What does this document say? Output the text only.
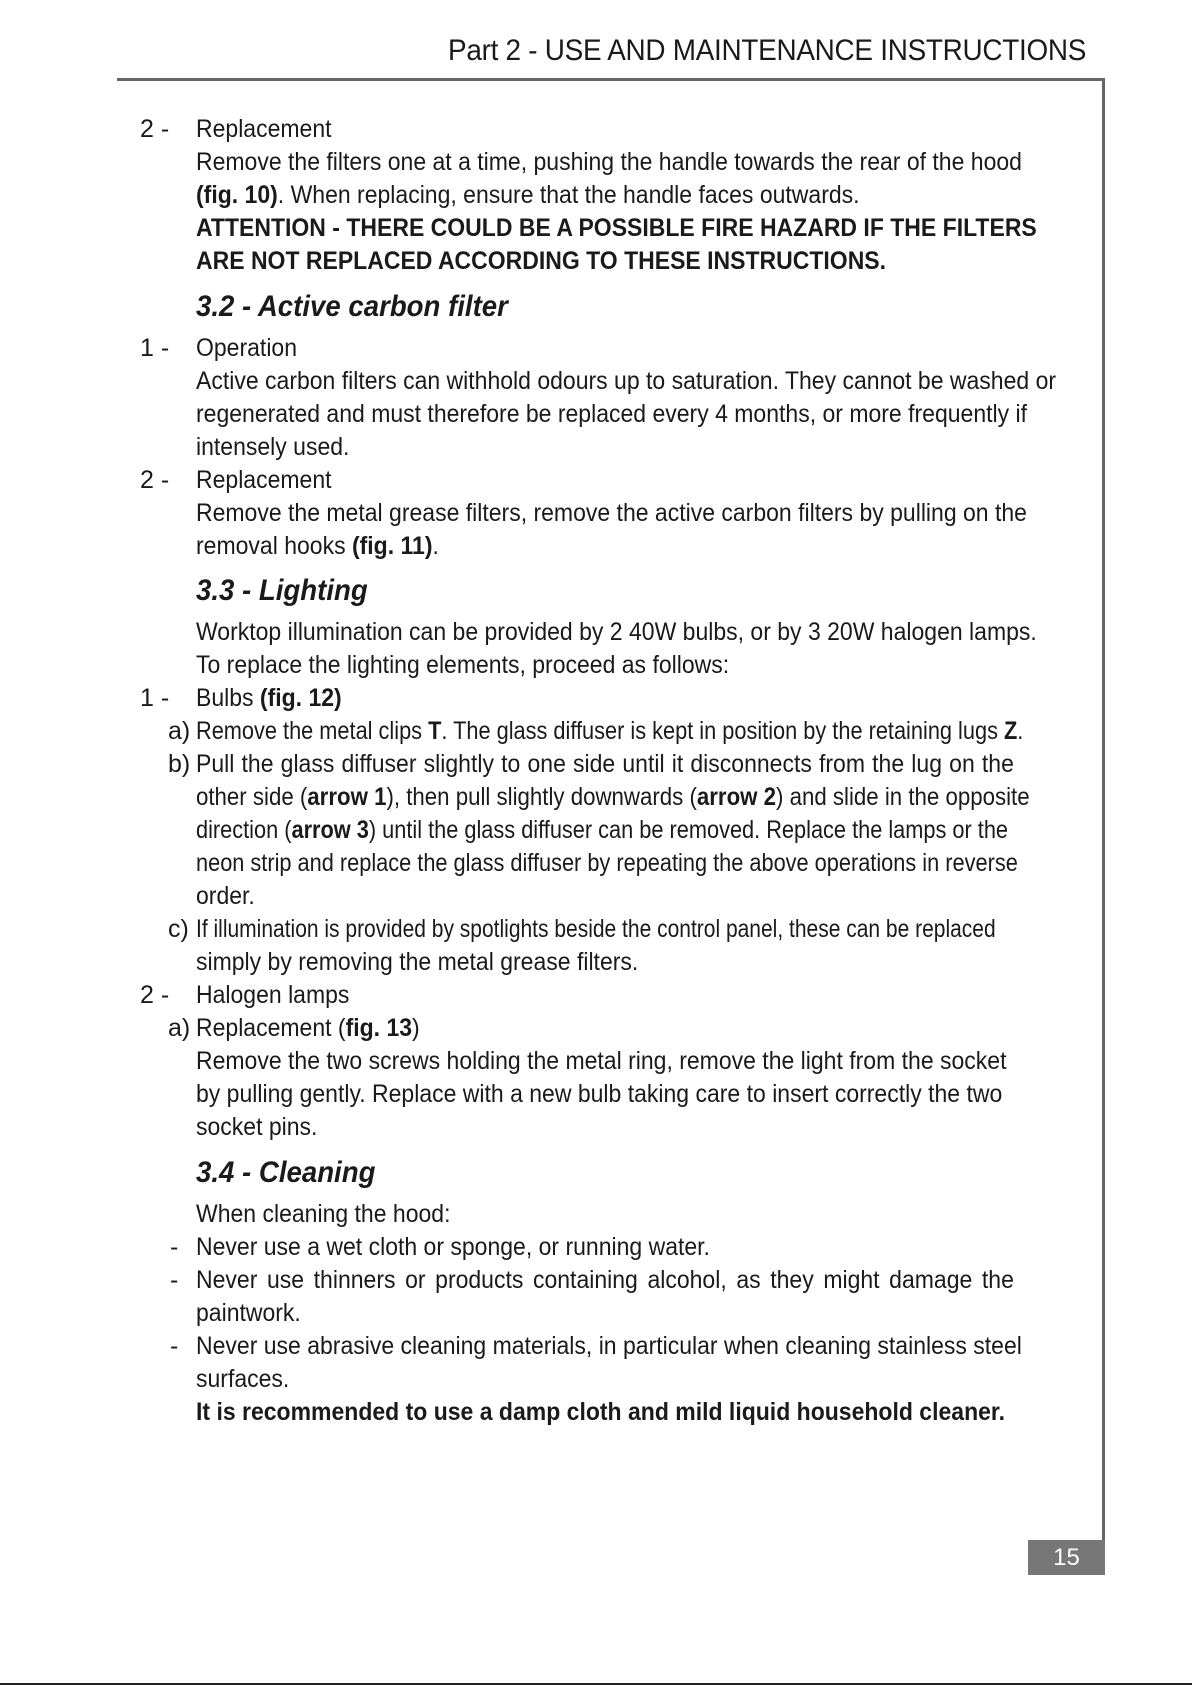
Part 2 - USE AND MAINTENANCE INSTRUCTIONS
2 -	Replacement
Remove the filters one at a time, pushing the handle towards the rear of the hood
(fig. 10). When replacing, ensure that the handle faces outwards.
ATTENTION - THERE COULD BE A POSSIBLE FIRE HAZARD IF THE FILTERS
ARE NOT REPLACED ACCORDING TO THESE INSTRUCTIONS.
3.2 - Active carbon filter
1 -	Operation
Active carbon filters can withhold odours up to saturation. They cannot be washed or
regenerated and must therefore be replaced every 4 months, or more frequently if
intensely used.
2 -	Replacement
Remove the metal grease filters, remove the active carbon filters by pulling on the
removal hooks (fig. 11).
3.3 - Lighting
Worktop illumination can be provided by 2 40W bulbs, or by 3 20W halogen lamps.
To replace the lighting elements, proceed as follows:
1 -	Bulbs (fig. 12)
a) Remove the metal clips T. The glass diffuser is kept in position by the retaining lugs Z.
b) Pull the glass diffuser slightly to one side until it disconnects from the lug on the
other side (arrow 1), then pull slightly downwards (arrow 2) and slide in the opposite
direction (arrow 3) until the glass diffuser can be removed. Replace the lamps or the
neon strip and replace the glass diffuser by repeating the above operations in reverse
order.
c) If illumination is provided by spotlights beside the control panel, these can be replaced
simply by removing the metal grease filters.
2 -	Halogen lamps
a) Replacement (fig. 13)
Remove the two screws holding the metal ring, remove the light from the socket
by pulling gently. Replace with a new bulb taking care to insert correctly the two
socket pins.
3.4 - Cleaning
When cleaning the hood:
- Never use a wet cloth or sponge, or running water.
- Never use thinners or products containing alcohol, as they might damage the
paintwork.
- Never use abrasive cleaning materials, in particular when cleaning stainless steel
surfaces.
It is recommended to use a damp cloth and mild liquid household cleaner.
15
